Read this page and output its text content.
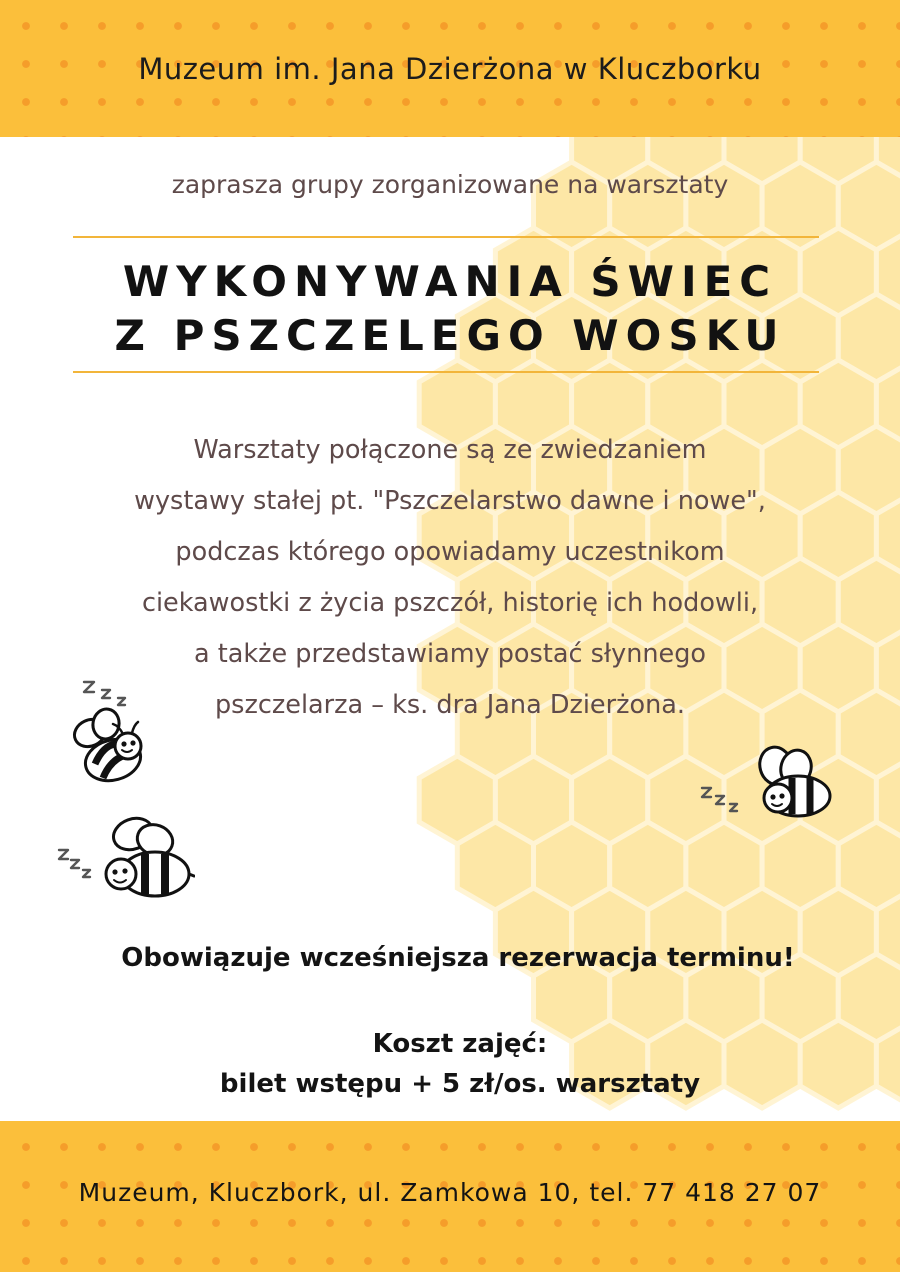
Muzeum im. Jana Dzierżona w Kluczborku
zaprasza grupy zorganizowane na warsztaty
WYKONYWANIA ŚWIEC
Z PSZCZELEGO WOSKU
Warsztaty połączone są ze zwiedzaniem
wystawy stałej pt. "Pszczelarstwo dawne i nowe",
podczas którego opowiadamy uczestnikom
ciekawostki z życia pszczół, historię ich hodowli,
a także przedstawiamy postać słynnego
pszczelarza – ks. dra Jana Dzierżona.
Obowiązuje wcześniejsza rezerwacja terminu!
Koszt zajęć:
bilet wstępu + 5 zł/os. warsztaty
Muzeum, Kluczbork, ul. Zamkowa 10, tel. 77 418 27 07
